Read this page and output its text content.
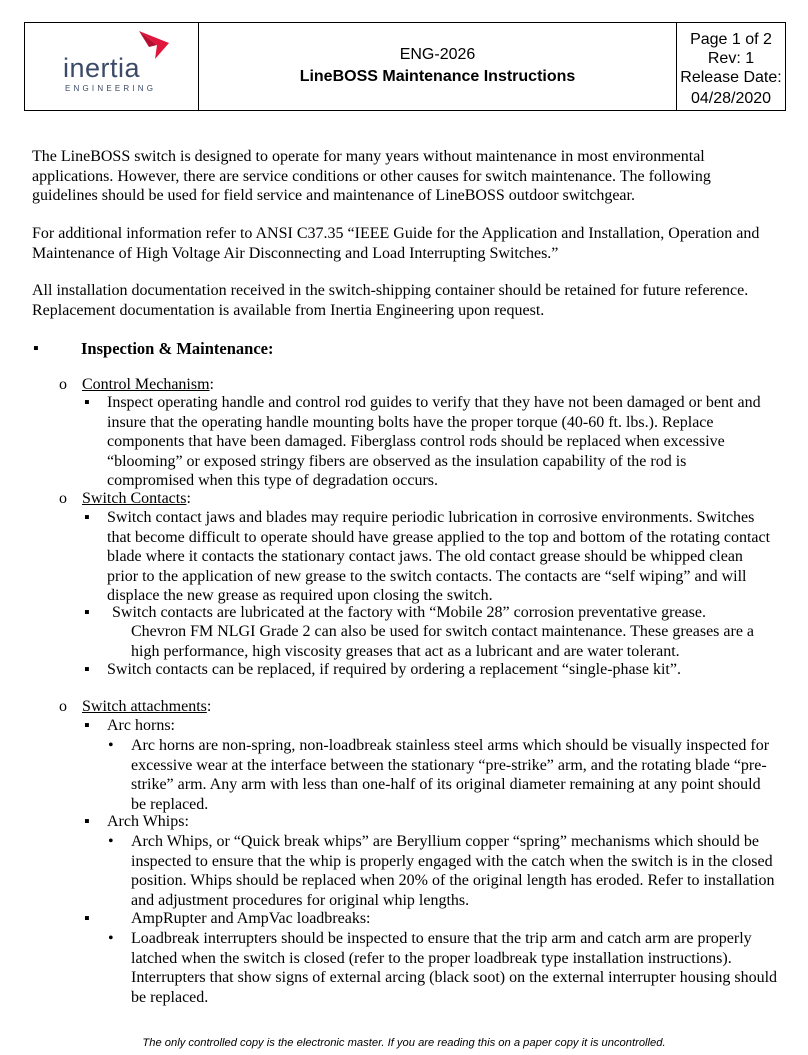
inertia
ENGINEERING
ENG-2026
LineBOSS Maintenance Instructions
Page 1 of 2
Rev: 1
Release Date:
04/28/2020
The LineBOSS switch is designed to operate for many years without maintenance in most environmental applications. However, there are service conditions or other causes for switch maintenance. The following guidelines should be used for field service and maintenance of LineBOSS outdoor switchgear.
For additional information refer to ANSI C37.35 “IEEE Guide for the Application and Installation, Operation and Maintenance of High Voltage Air Disconnecting and Load Interrupting Switches.”
All installation documentation received in the switch-shipping container should be retained for future reference. Replacement documentation is available from Inertia Engineering upon request.
▪	Inspection & Maintenance:
o Control Mechanism:
▪ Inspect operating handle and control rod guides to verify that they have not been damaged or bent and insure that the operating handle mounting bolts have the proper torque (40-60 ft. lbs.). Replace components that have been damaged. Fiberglass control rods should be replaced when excessive “blooming” or exposed stringy fibers are observed as the insulation capability of the rod is compromised when this type of degradation occurs.
o Switch Contacts:
▪ Switch contact jaws and blades may require periodic lubrication in corrosive environments. Switches that become difficult to operate should have grease applied to the top and bottom of the rotating contact blade where it contacts the stationary contact jaws. The old contact grease should be whipped clean prior to the application of new grease to the switch contacts. The contacts are “self wiping” and will displace the new grease as required upon closing the switch.
▪ Switch contacts are lubricated at the factory with “Mobile 28” corrosion preventative grease.
Chevron FM NLGI Grade 2 can also be used for switch contact maintenance. These greases are a high performance, high viscosity greases that act as a lubricant and are water tolerant.
▪ Switch contacts can be replaced, if required by ordering a replacement “single-phase kit”.
o Switch attachments:
▪ Arc horns:
• Arc horns are non-spring, non-loadbreak stainless steel arms which should be visually inspected for excessive wear at the interface between the stationary “pre-strike” arm, and the rotating blade “pre-strike” arm. Any arm with less than one-half of its original diameter remaining at any point should be replaced.
▪ Arch Whips:
• Arch Whips, or “Quick break whips” are Beryllium copper “spring” mechanisms which should be inspected to ensure that the whip is properly engaged with the catch when the switch is in the closed position. Whips should be replaced when 20% of the original length has eroded. Refer to installation and adjustment procedures for original whip lengths.
▪	AmpRupter and AmpVac loadbreaks:
• Loadbreak interrupters should be inspected to ensure that the trip arm and catch arm are properly latched when the switch is closed (refer to the proper loadbreak type installation instructions). Interrupters that show signs of external arcing (black soot) on the external interrupter housing should be replaced.
The only controlled copy is the electronic master. If you are reading this on a paper copy it is uncontrolled.
